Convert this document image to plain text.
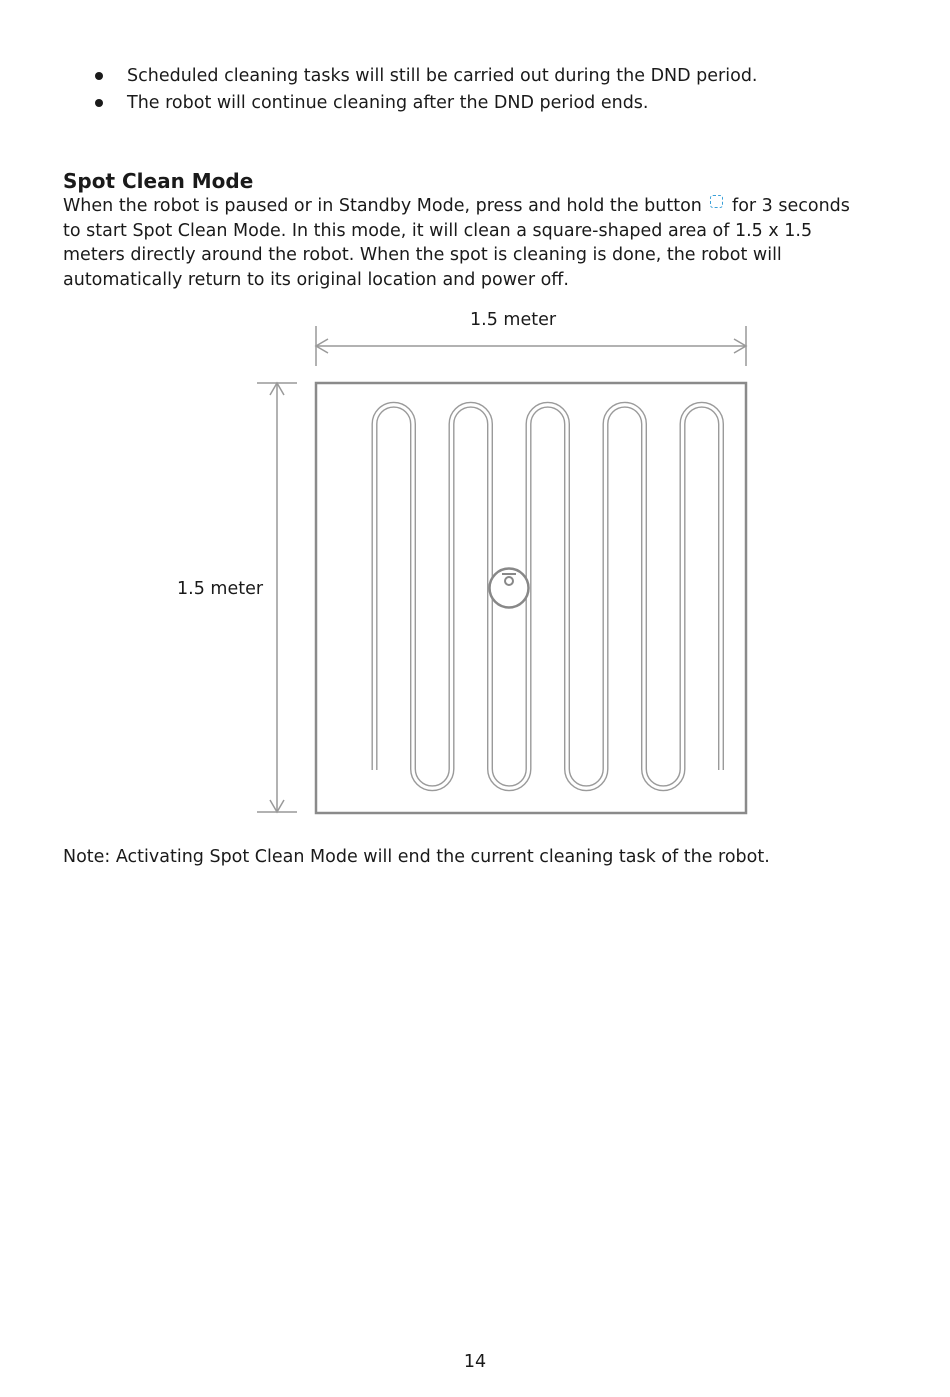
Scheduled cleaning tasks will still be carried out during the DND period.
The robot will continue cleaning after the DND period ends.
Spot Clean Mode
When the robot is paused or in Standby Mode, press and hold the button for 3 seconds
to start Spot Clean Mode. In this mode, it will clean a square-shaped area of 1.5 x 1.5
meters directly around the robot. When the spot is cleaning is done, the robot will
automatically return to its original location and power off.
1.5 meter
1.5 meter
Note: Activating Spot Clean Mode will end the current cleaning task of the robot.
14
